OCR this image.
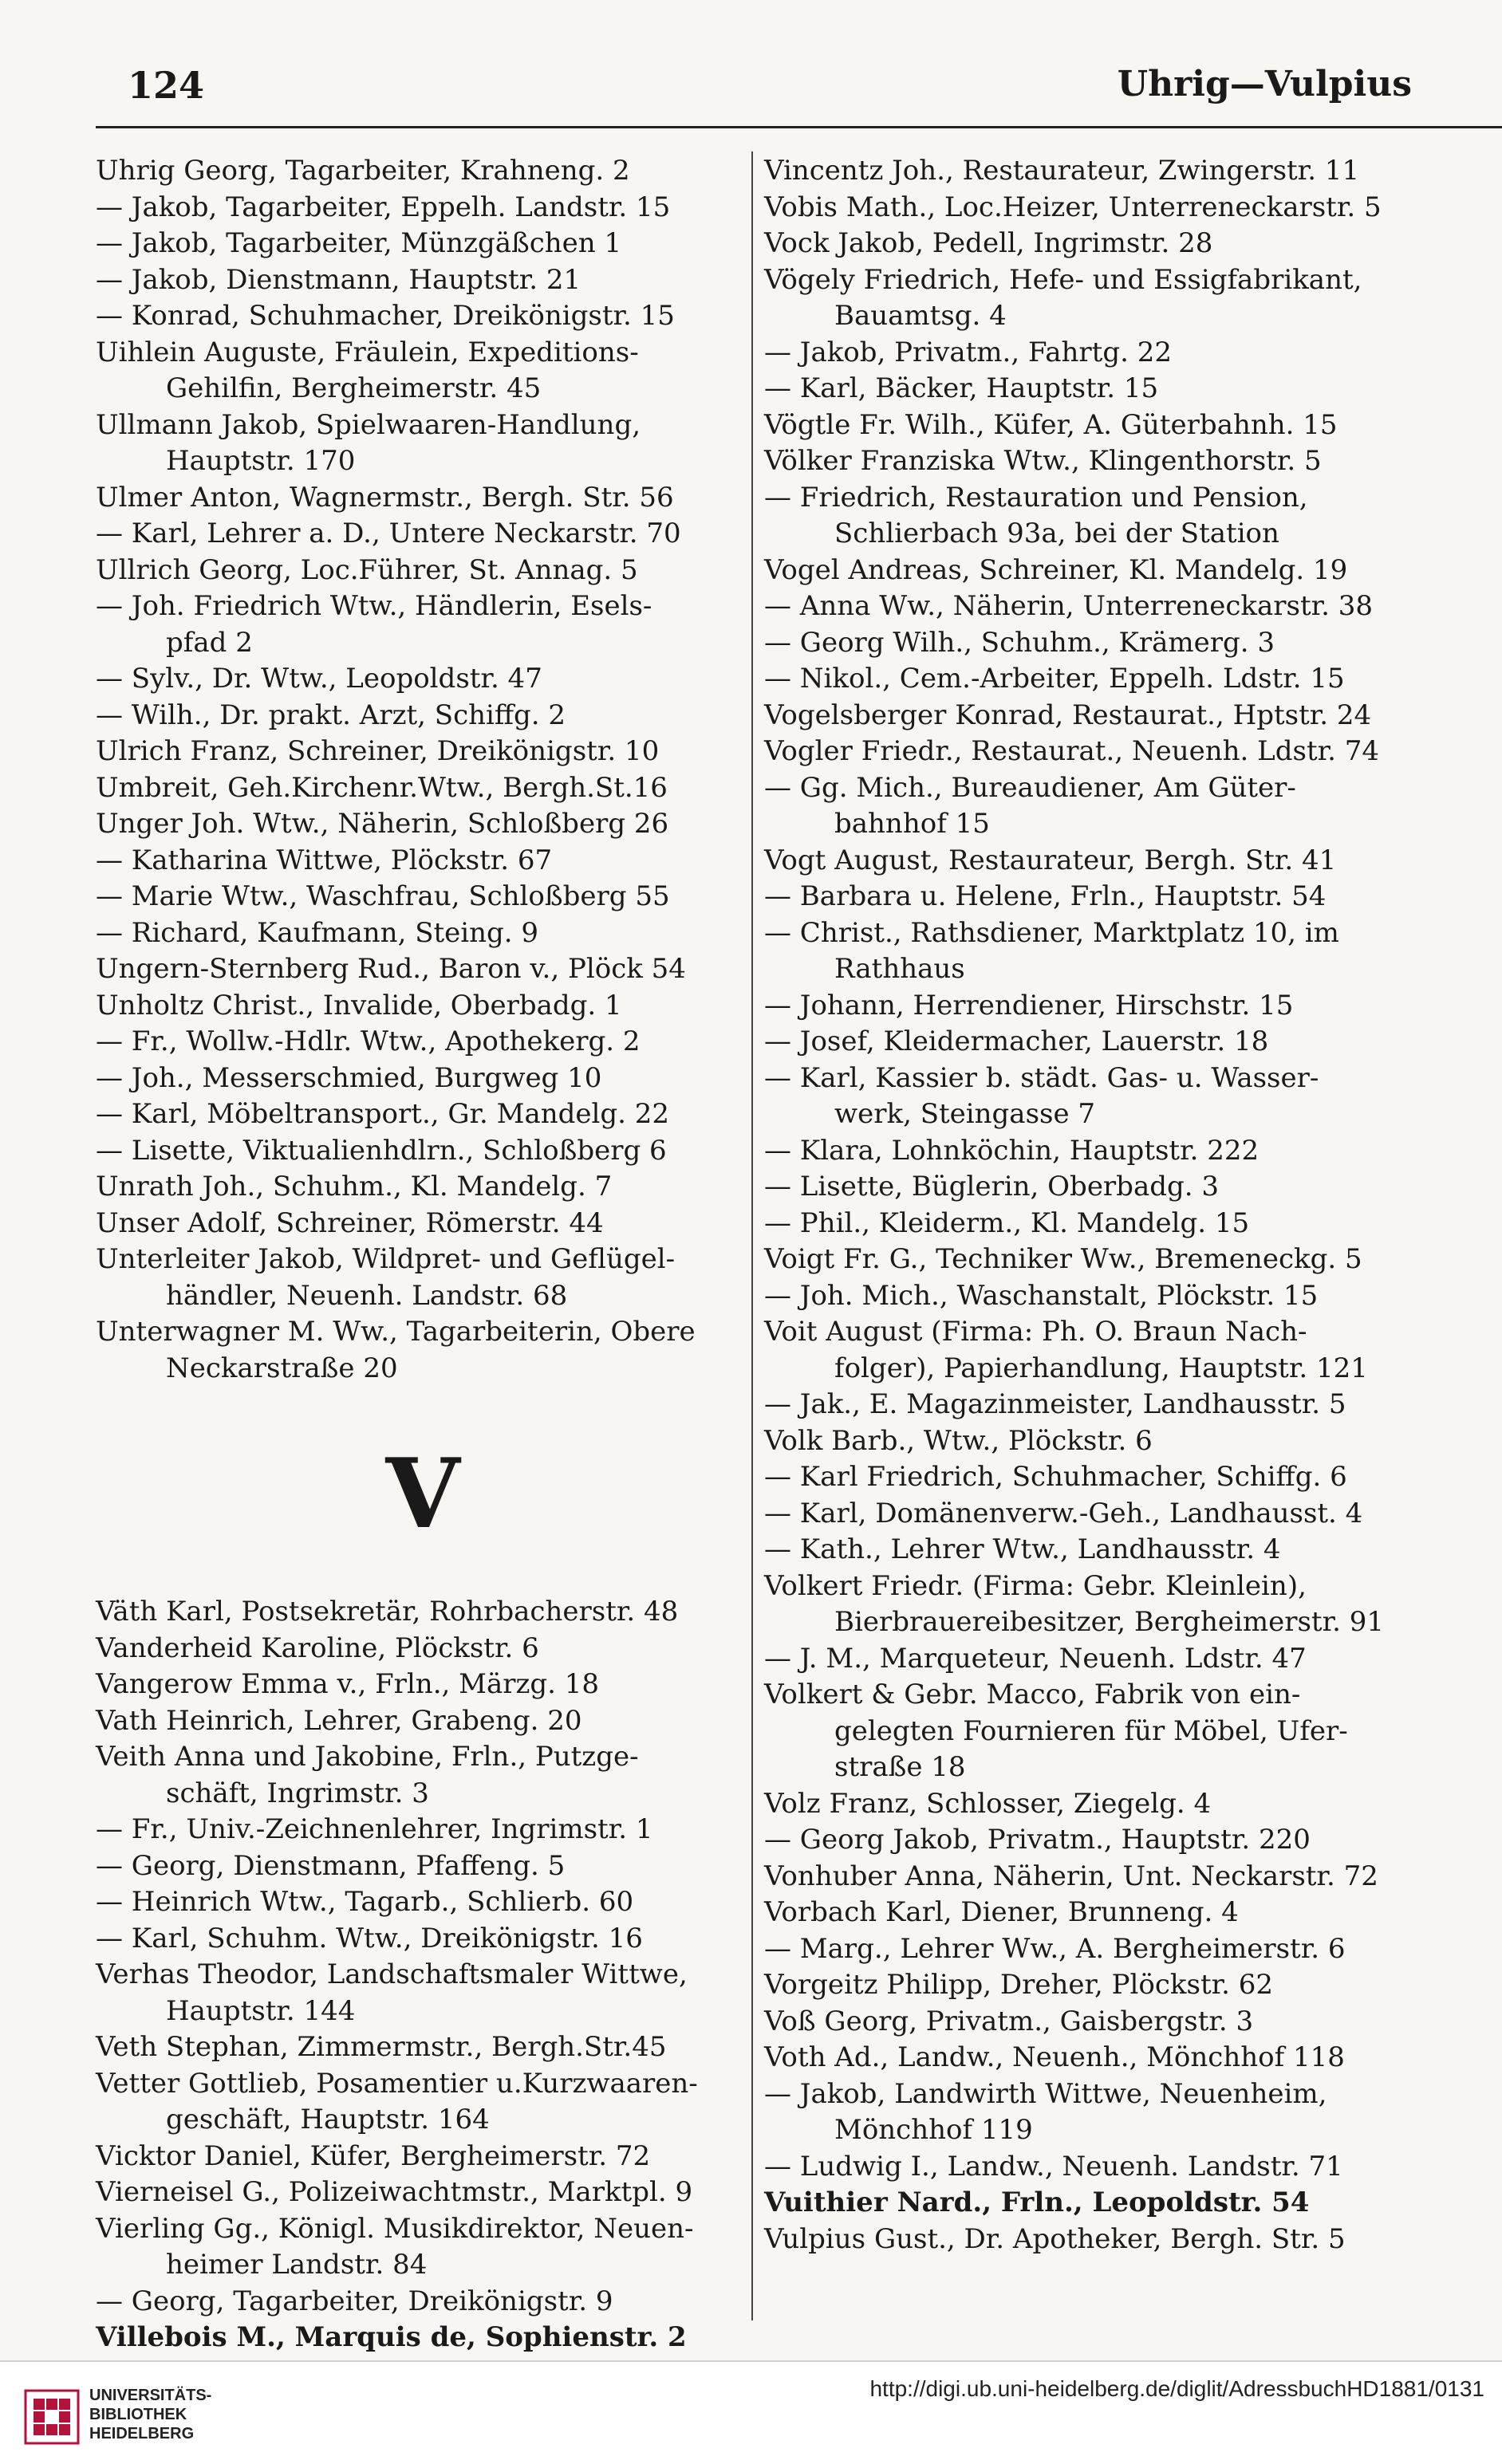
124	Uhrig—Vulpius
Uhrig Georg, Tagarbeiter, Krahneng. 2
— Jakob, Tagarbeiter, Eppelh. Landstr. 15
— Jakob, Tagarbeiter, Münzgäßchen 1
— Jakob, Dienstmann, Hauptstr. 21
— Konrad, Schuhmacher, Dreikönigstr. 15
Uihlein Auguste, Fräulein, Expeditions-
Gehilfin, Bergheimerstr. 45
Ullmann Jakob, Spielwaaren-Handlung,
Hauptstr. 170
Ulmer Anton, Wagnermstr., Bergh. Str. 56
— Karl, Lehrer a. D., Untere Neckarstr. 70
Ullrich Georg, Loc.Führer, St. Annag. 5
— Joh. Friedrich Wtw., Händlerin, Esels-
pfad 2
— Sylv., Dr. Wtw., Leopoldstr. 47
— Wilh., Dr. prakt. Arzt, Schiffg. 2
Ulrich Franz, Schreiner, Dreikönigstr. 10
Umbreit, Geh.Kirchenr.Wtw., Bergh.St.16
Unger Joh. Wtw., Näherin, Schloßberg 26
— Katharina Wittwe, Plöckstr. 67
— Marie Wtw., Waschfrau, Schloßberg 55
— Richard, Kaufmann, Steing. 9
Ungern-Sternberg Rud., Baron v., Plöck 54
Unholtz Christ., Invalide, Oberbadg. 1
— Fr., Wollw.-Hdlr. Wtw., Apothekerg. 2
— Joh., Messerschmied, Burgweg 10
— Karl, Möbeltransport., Gr. Mandelg. 22
— Lisette, Viktualienhdlrn., Schloßberg 6
Unrath Joh., Schuhm., Kl. Mandelg. 7
Unser Adolf, Schreiner, Römerstr. 44
Unterleiter Jakob, Wildpret- und Geflügel-
händler, Neuenh. Landstr. 68
Unterwagner M. Ww., Tagarbeiterin, Obere
Neckarstraße 20
V
Väth Karl, Postsekretär, Rohrbacherstr. 48
Vanderheid Karoline, Plöckstr. 6
Vangerow Emma v., Frln., Märzg. 18
Vath Heinrich, Lehrer, Grabeng. 20
Veith Anna und Jakobine, Frln., Putzge-
schäft, Ingrimstr. 3
— Fr., Univ.-Zeichnenlehrer, Ingrimstr. 1
— Georg, Dienstmann, Pfaffeng. 5
— Heinrich Wtw., Tagarb., Schlierb. 60
— Karl, Schuhm. Wtw., Dreikönigstr. 16
Verhas Theodor, Landschaftsmaler Wittwe,
Hauptstr. 144
Veth Stephan, Zimmermstr., Bergh.Str.45
Vetter Gottlieb, Posamentier u.Kurzwaaren-
geschäft, Hauptstr. 164
Vicktor Daniel, Küfer, Bergheimerstr. 72
Vierneisel G., Polizeiwachtmstr., Marktpl. 9
Vierling Gg., Königl. Musikdirektor, Neuen-
heimer Landstr. 84
— Georg, Tagarbeiter, Dreikönigstr. 9
Villebois M., Marquis de, Sophienstr. 2
Vincentz Joh., Restaurateur, Zwingerstr. 11
Vobis Math., Loc.Heizer, Unterreneckarstr. 5
Vock Jakob, Pedell, Ingrimstr. 28
Vögely Friedrich, Hefe- und Essigfabrikant,
Bauamtsg. 4
— Jakob, Privatm., Fahrtg. 22
— Karl, Bäcker, Hauptstr. 15
Vögtle Fr. Wilh., Küfer, A. Güterbahnh. 15
Völker Franziska Wtw., Klingenthorstr. 5
— Friedrich, Restauration und Pension,
Schlierbach 93a, bei der Station
Vogel Andreas, Schreiner, Kl. Mandelg. 19
— Anna Ww., Näherin, Unterreneckarstr. 38
— Georg Wilh., Schuhm., Krämerg. 3
— Nikol., Cem.-Arbeiter, Eppelh. Ldstr. 15
Vogelsberger Konrad, Restaurat., Hptstr. 24
Vogler Friedr., Restaurat., Neuenh. Ldstr. 74
— Gg. Mich., Bureaudiener, Am Güter-
bahnhof 15
Vogt August, Restaurateur, Bergh. Str. 41
— Barbara u. Helene, Frln., Hauptstr. 54
— Christ., Rathsdiener, Marktplatz 10, im
Rathhaus
— Johann, Herrendiener, Hirschstr. 15
— Josef, Kleidermacher, Lauerstr. 18
— Karl, Kassier b. städt. Gas- u. Wasser-
werk, Steingasse 7
— Klara, Lohnköchin, Hauptstr. 222
— Lisette, Büglerin, Oberbadg. 3
— Phil., Kleiderm., Kl. Mandelg. 15
Voigt Fr. G., Techniker Ww., Bremeneckg. 5
— Joh. Mich., Waschanstalt, Plöckstr. 15
Voit August (Firma: Ph. O. Braun Nach-
folger), Papierhandlung, Hauptstr. 121
— Jak., E. Magazinmeister, Landhausstr. 5
Volk Barb., Wtw., Plöckstr. 6
— Karl Friedrich, Schuhmacher, Schiffg. 6
— Karl, Domänenverw.-Geh., Landhausst. 4
— Kath., Lehrer Wtw., Landhausstr. 4
Volkert Friedr. (Firma: Gebr. Kleinlein),
Bierbrauereibesitzer, Bergheimerstr. 91
— J. M., Marqueteur, Neuenh. Ldstr. 47
Volkert & Gebr. Macco, Fabrik von ein-
gelegten Fournieren für Möbel, Ufer-
straße 18
Volz Franz, Schlosser, Ziegelg. 4
— Georg Jakob, Privatm., Hauptstr. 220
Vonhuber Anna, Näherin, Unt. Neckarstr. 72
Vorbach Karl, Diener, Brunneng. 4
— Marg., Lehrer Ww., A. Bergheimerstr. 6
Vorgeitz Philipp, Dreher, Plöckstr. 62
Voß Georg, Privatm., Gaisbergstr. 3
Voth Ad., Landw., Neuenh., Mönchhof 118
— Jakob, Landwirth Wittwe, Neuenheim,
Mönchhof 119
— Ludwig I., Landw., Neuenh. Landstr. 71
Vuithier Nard., Frln., Leopoldstr. 54
Vulpius Gust., Dr. Apotheker, Bergh. Str. 5
UNIVERSITÄTS-
BIBLIOTHEK
HEIDELBERG
http://digi.ub.uni-heidelberg.de/diglit/AdressbuchHD1881/0131
